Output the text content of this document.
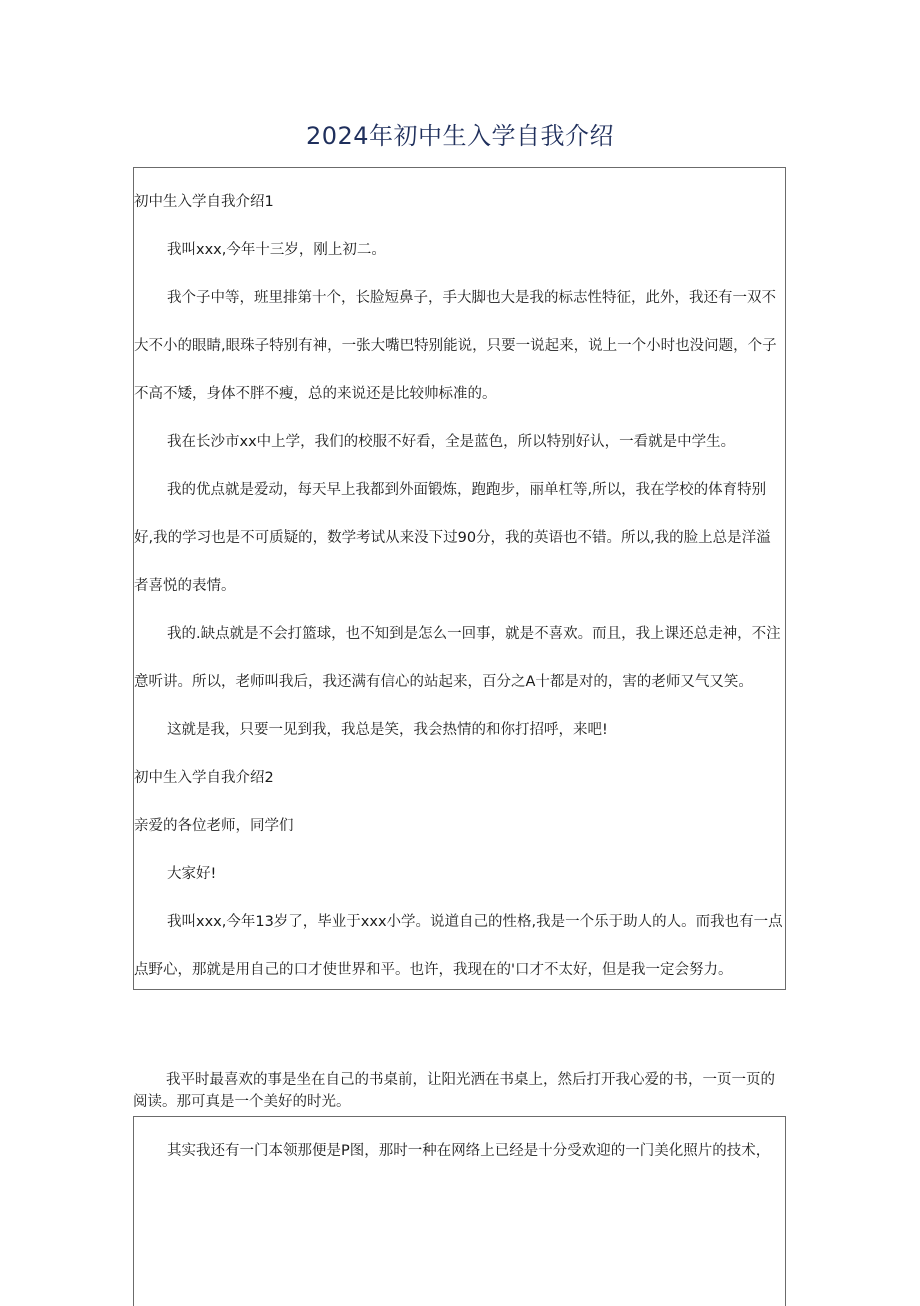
2024年初中生入学自我介绍

初中生入学自我介绍1

我叫xxx,今年十三岁，刚上初二。

我个子中等，班里排第十个，长脸短鼻子，手大脚也大是我的标志性特征，此外，我还有一双不大不小的眼睛,眼珠子特别有神，一张大嘴巴特别能说，只要一说起来，说上一个小时也没问题，个子不高不矮，身体不胖不瘦，总的来说还是比较帅标准的。

我在长沙市xx中上学，我们的校服不好看，全是蓝色，所以特别好认，一看就是中学生。

我的优点就是爱动，每天早上我都到外面锻炼，跑跑步，丽单杠等,所以，我在学校的体育特别好,我的学习也是不可质疑的，数学考试从来没下过90分，我的英语也不错。所以,我的脸上总是洋溢者喜悦的表情。

我的.缺点就是不会打篮球，也不知到是怎么一回事，就是不喜欢。而且，我上课还总走神，不注意听讲。所以，老师叫我后，我还满有信心的站起来，百分之A十都是对的，害的老师又气又笑。

这就是我，只要一见到我，我总是笑，我会热情的和你打招呼，来吧!

初中生入学自我介绍2

亲爱的各位老师，同学们

大家好!

我叫xxx,今年13岁了，毕业于xxx小学。说道自己的性格,我是一个乐于助人的人。而我也有一点点野心，那就是用自己的口才使世界和平。也许，我现在的'口才不太好，但是我一定会努力。

我平时最喜欢的事是坐在自己的书桌前，让阳光洒在书桌上，然后打开我心爱的书，一页一页的阅读。那可真是一个美好的时光。

其实我还有一门本领那便是P图，那时一种在网络上已经是十分受欢迎的一门美化照片的技术，
